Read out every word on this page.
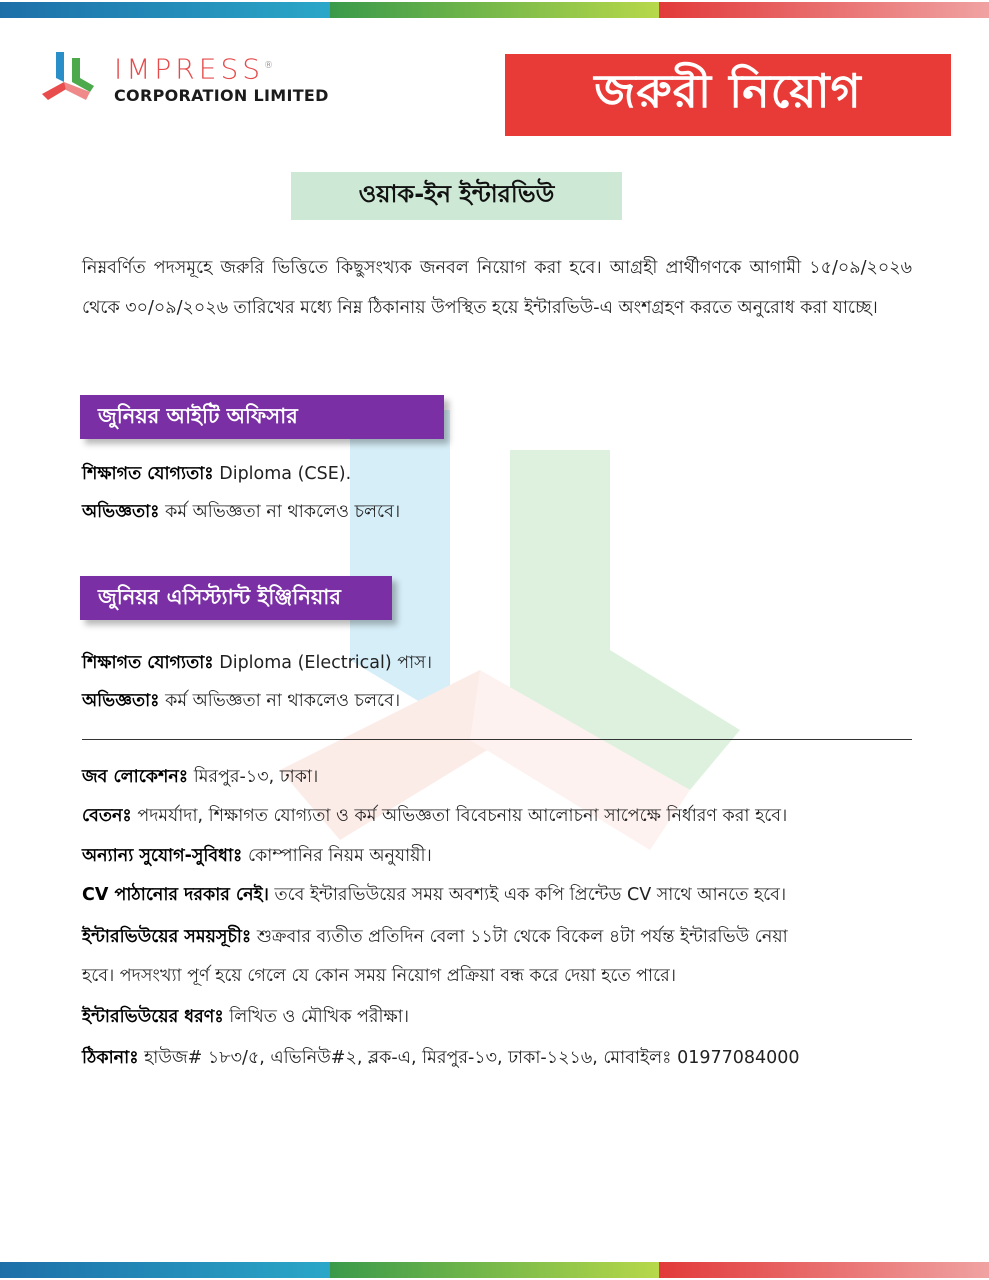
IMPRESS®
CORPORATION LIMITED	জরুরী নিয়োগ
ওয়াক-ইন ইন্টারভিউ
নিম্নবর্ণিত পদসমূহে জরুরি ভিত্তিতে কিছুসংখ্যক জনবল নিয়োগ করা হবে। আগ্রহী প্রার্থীগণকে আগামী ১৫/০৯/২০২৬ থেকে ৩০/০৯/২০২৬ তারিখের মধ্যে নিম্ন ঠিকানায় উপস্থিত হয়ে ইন্টারভিউ-এ অংশগ্রহণ করতে অনুরোধ করা যাচ্ছে।
জুনিয়র আইটি অফিসার
শিক্ষাগত যোগ্যতাঃ Diploma (CSE).
অভিজ্ঞতাঃ কর্ম অভিজ্ঞতা না থাকলেও চলবে।
জুনিয়র এসিস্ট্যান্ট ইঞ্জিনিয়ার
শিক্ষাগত যোগ্যতাঃ Diploma (Electrical) পাস।
অভিজ্ঞতাঃ কর্ম অভিজ্ঞতা না থাকলেও চলবে।
জব লোকেশনঃ মিরপুর-১৩, ঢাকা।
বেতনঃ পদমর্যাদা, শিক্ষাগত যোগ্যতা ও কর্ম অভিজ্ঞতা বিবেচনায় আলোচনা সাপেক্ষে নির্ধারণ করা হবে।
অন্যান্য সুযোগ-সুবিধাঃ কোম্পানির নিয়ম অনুযায়ী।
CV পাঠানোর দরকার নেই। তবে ইন্টারভিউয়ের সময় অবশ্যই এক কপি প্রিন্টেড CV সাথে আনতে হবে।
ইন্টারভিউয়ের সময়সূচীঃ শুক্রবার ব্যতীত প্রতিদিন বেলা ১১টা থেকে বিকেল ৪টা পর্যন্ত ইন্টারভিউ নেয়া
হবে। পদসংখ্যা পূর্ণ হয়ে গেলে যে কোন সময় নিয়োগ প্রক্রিয়া বন্ধ করে দেয়া হতে পারে।
ইন্টারভিউয়ের ধরণঃ লিখিত ও মৌখিক পরীক্ষা।
ঠিকানাঃ হাউজ# ১৮৩/৫, এভিনিউ#২, ব্লক-এ, মিরপুর-১৩, ঢাকা-১২১৬, মোবাইলঃ 01977084000
